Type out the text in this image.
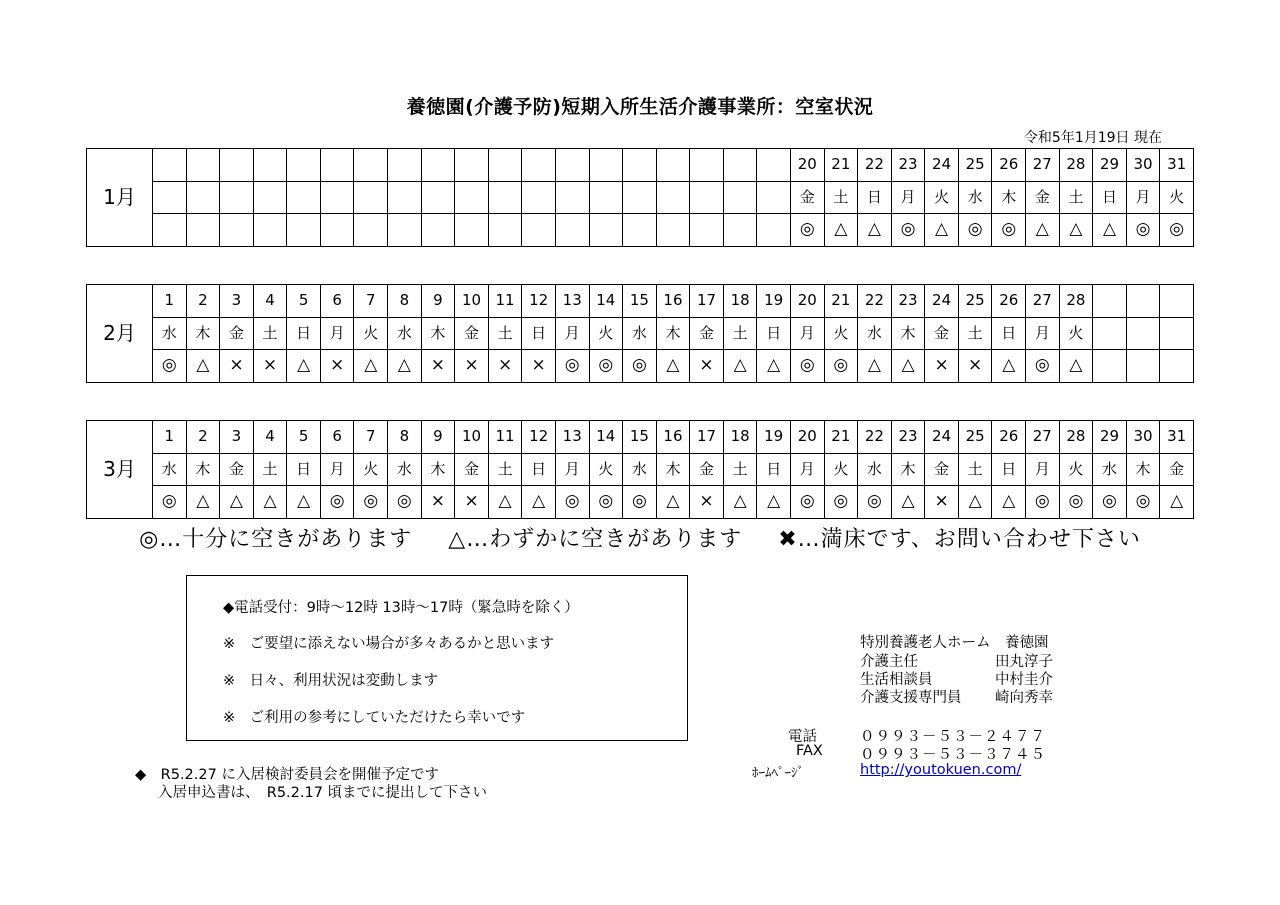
養徳園(介護予防)短期入所生活介護事業所：空室状況
令和5年1月19日 現在
1月																				20	21	22	23	24	25	26	27	28	29	30	31
																				金	土	日	月	火	水	木	金	土	日	月	火
																				◎	△	△	◎	△	◎	◎	△	△	△	◎	◎
2月	1	2	3	4	5	6	7	8	9	10	11	12	13	14	15	16	17	18	19	20	21	22	23	24	25	26	27	28			
	水	木	金	土	日	月	火	水	木	金	土	日	月	火	水	木	金	土	日	月	火	水	木	金	土	日	月	火			
	◎	△	×	×	△	×	△	△	×	×	×	×	◎	◎	◎	△	×	△	△	◎	◎	△	△	×	×	△	◎	△			
3月	1	2	3	4	5	6	7	8	9	10	11	12	13	14	15	16	17	18	19	20	21	22	23	24	25	26	27	28	29	30	31
	水	木	金	土	日	月	火	水	木	金	土	日	月	火	水	木	金	土	日	月	火	水	木	金	土	日	月	火	水	木	金
	◎	△	△	△	△	◎	◎	◎	×	×	△	△	◎	◎	◎	△	×	△	△	◎	◎	◎	△	×	△	△	◎	◎	◎	◎	△
◎…十分に空きがあります △…わずかに空きがあります ✖…満床です、お問い合わせ下さい
◆電話受付：9時～12時 13時～17時（緊急時を除く）
※　ご要望に添えない場合が多々あるかと思います
※　日々、利用状況は変動します
※　ご利用の参考にしていただけたら幸いです
特別養護老人ホーム　養徳園
介護主任	田丸淳子
生活相談員	中村圭介
介護支援専門員 崎向秀幸
電話	０９９３－５３－２４７７
FAX	０９９３－５３－３７４５
ﾎｰﾑﾍﾟｰｼﾞ	http://youtokuen.com/
◆　R5.2.27 に入居検討委員会を開催予定です
入居申込書は、　R5.2.17 頃までに提出して下さい
